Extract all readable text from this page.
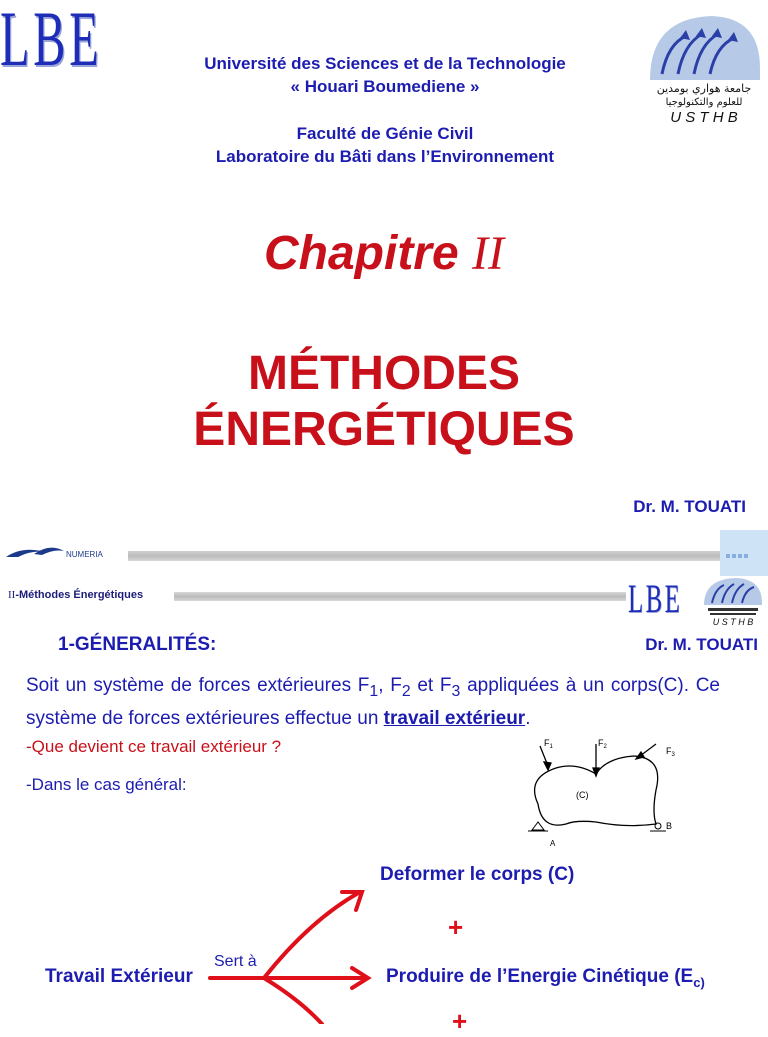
LBE	Université des Sciences et de la Technologie
« Houari Boumediene »
Faculté de Génie Civil
Laboratoire du Bâti dans l’Environnement
جامعة هواري بومدين
للعلوم والتكنولوجيا
U S T H B
Chapitre II
MÉTHODES
ÉNERGÉTIQUES
Dr. M. TOUATI
NUMERIA
II-Méthodes Énergétiques	LBE
U S T H B
1-GÉNERALITÉS:	Dr. M. TOUATI
Soit un système de forces extérieures $F_1$, $F_2$ et $F_3$ appliquées à un corps(C). Ce système de forces extérieures effectue un travail extérieur.
-Que devient ce travail extérieur ?
-Dans le cas général:
$F_1$	$F_2$	$F_3$
(C)
A
B
Deformer le corps (C)
+
Travail Extérieur
Sert à
Produire de l’Energie Cinétique ($E_{c)}$
+
